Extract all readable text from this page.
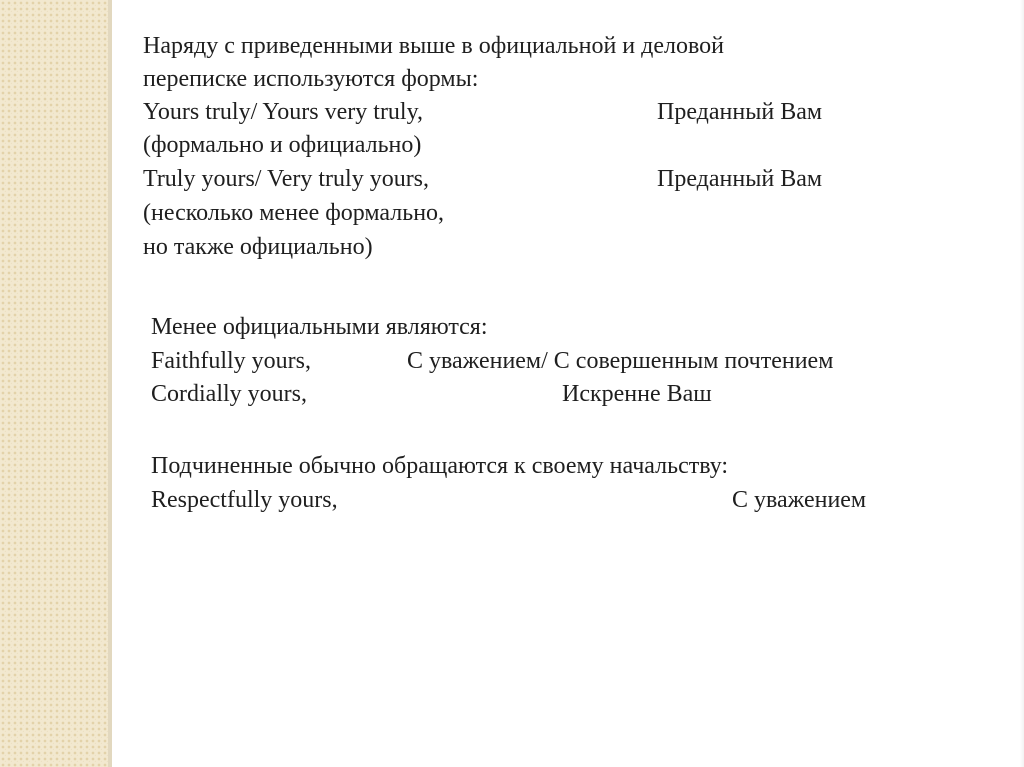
Наряду с приведенными выше в официальной и деловой

переписке используются формы:

Yours truly/ Yours very truly,	Преданный Вам

(формально и официально)

Truly yours/ Very truly yours,	Преданный Вам

(несколько менее формально,

но также официально)

Менее официальными являются:

Faithfully yours,	С уважением/ С совершенным почтением

Cordially yours,	Искренне Ваш

Подчиненные обычно обращаются к своему начальству:

Respectfully yours,	С уважением
